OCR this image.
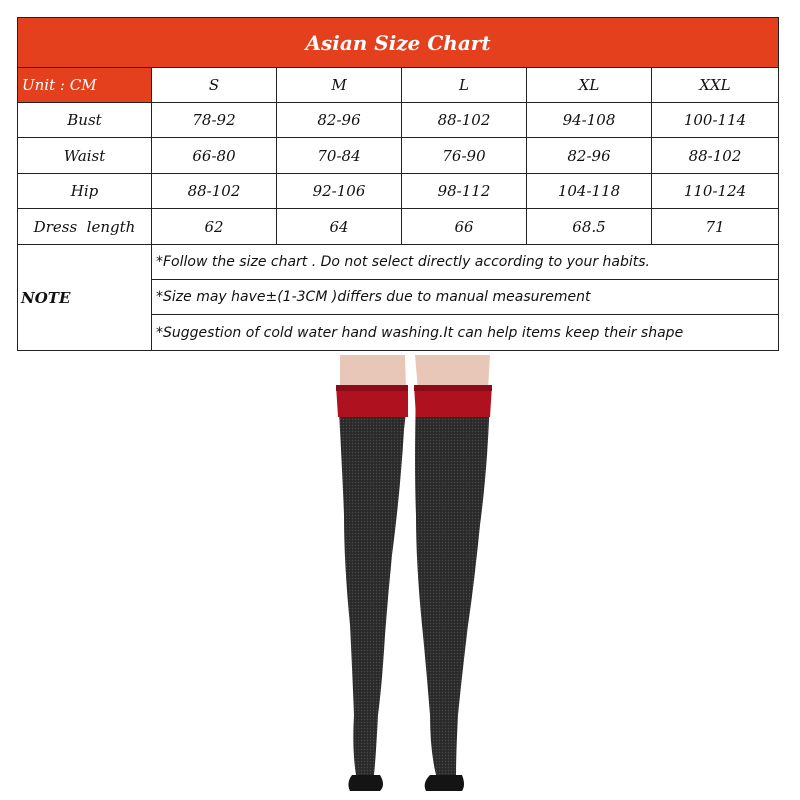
Asian Size Chart
Unit : CM	S	M	L	XL	XXL
Bust	78-92	82-96	88-102	94-108	100-114
Waist	66-80	70-84	76-90	82-96	88-102
Hip	88-102	92-106	98-112	104-118	110-124
Dress  length	62	64	66	68.5	71
NOTE
*Follow the size chart . Do not select directly according to your habits.
*Size may have±(1-3CM )differs due to manual measurement
*Suggestion of cold water hand washing.It can help items keep their shape
